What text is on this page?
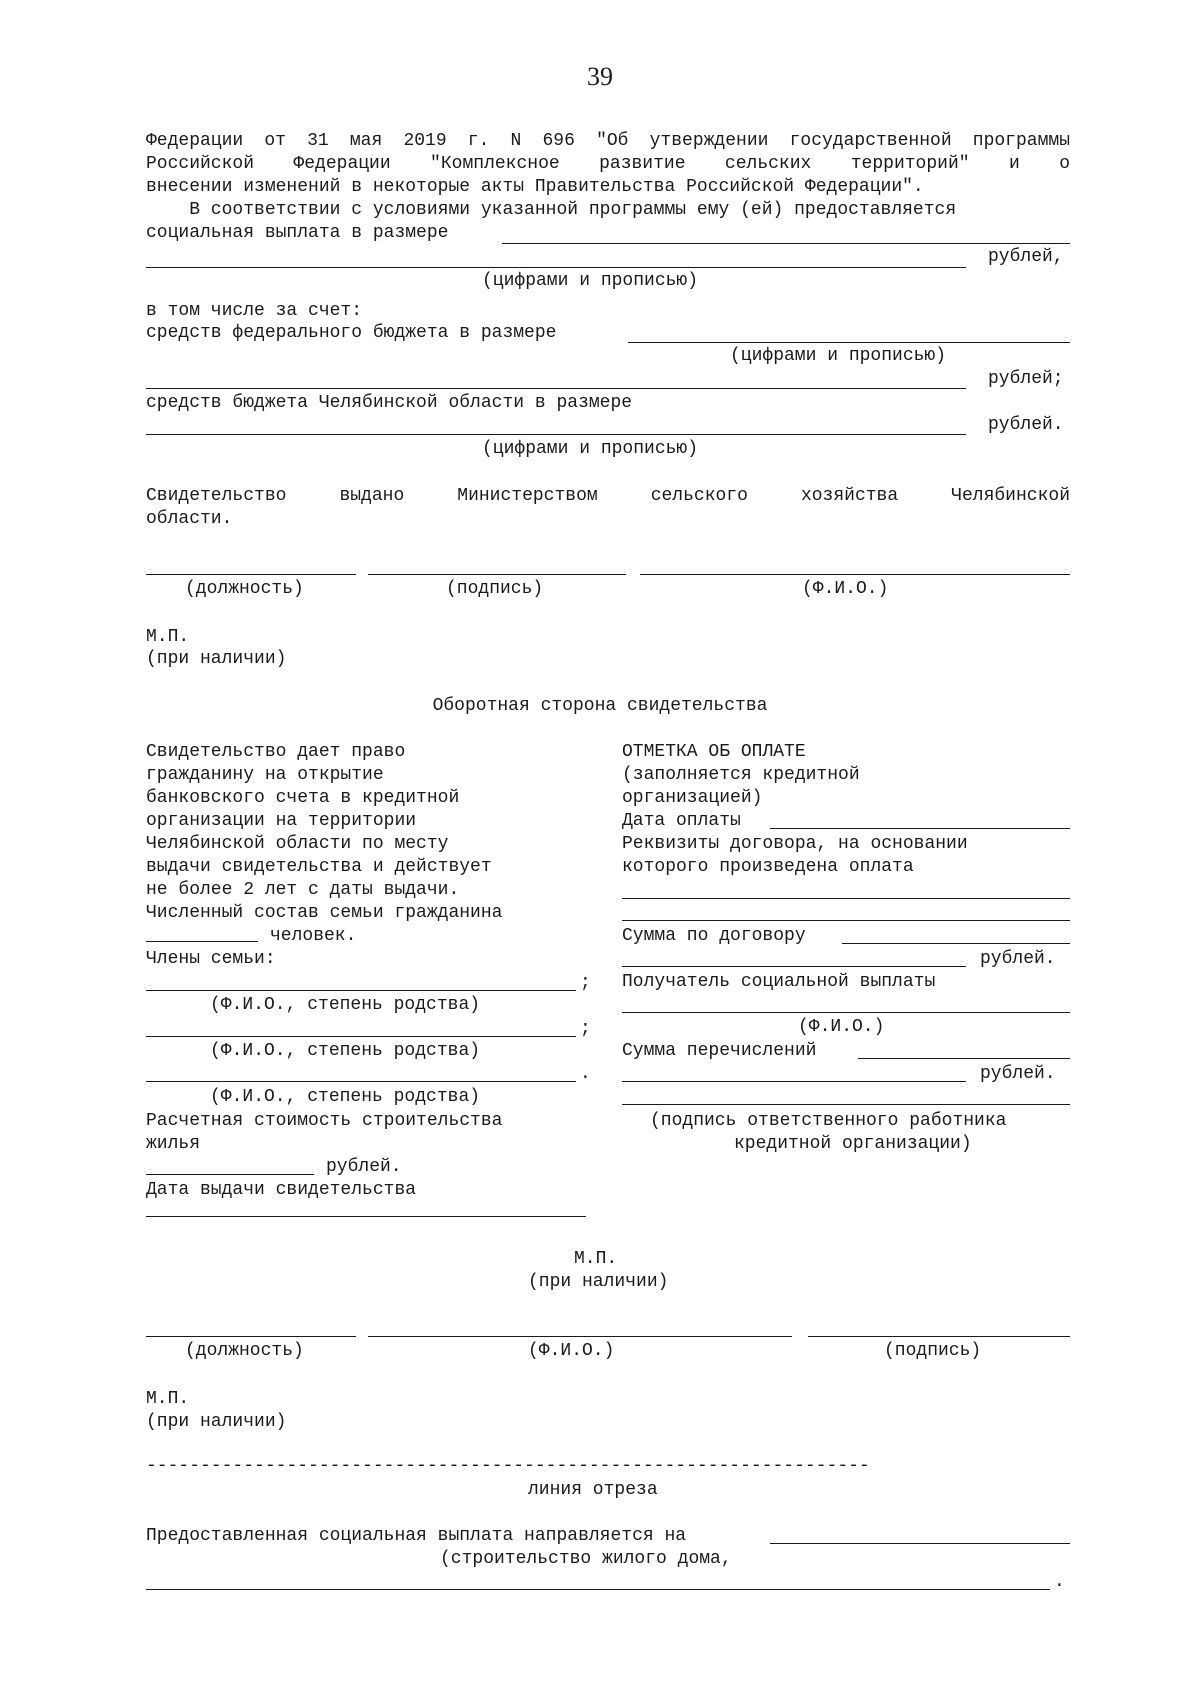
39
Федерации от 31 мая 2019 г. N 696 "Об утверждении государственной программы
Российской Федерации "Комплексное развитие сельских территорий" и о
внесении изменений в некоторые акты Правительства Российской Федерации".
В соответствии с условиями указанной программы ему (ей) предоставляется
социальная выплата в размере
рублей,
(цифрами и прописью)
в том числе за счет:
средств федерального бюджета в размере
(цифрами и прописью)
рублей;
средств бюджета Челябинской области в размере
рублей.
(цифрами и прописью)
Свидетельство выдано Министерством сельского хозяйства Челябинской
области.
(должность)	(подпись)	(Ф.И.О.)
М.П.
(при наличии)
Оборотная сторона свидетельства
Свидетельство дает право
гражданину на открытие
банковского счета в кредитной
организации на территории
Челябинской области по месту
выдачи свидетельства и действует
не более 2 лет с даты выдачи.
Численный состав семьи гражданина
человек.
Члены семьи:
;
(Ф.И.О., степень родства)
;
(Ф.И.О., степень родства)
.
(Ф.И.О., степень родства)
Расчетная стоимость строительства
жилья
рублей.
Дата выдачи свидетельства
ОТМЕТКА ОБ ОПЛАТЕ
(заполняется кредитной
организацией)
Дата оплаты
Реквизиты договора, на основании
которого произведена оплата
Сумма по договору
рублей.
Получатель социальной выплаты
(Ф.И.О.)
Сумма перечислений
рублей.
(подпись ответственного работника
кредитной организации)
М.П.
(при наличии)
(должность)	(Ф.И.О.)	(подпись)
М.П.
(при наличии)
-------------------------------------------------------------------
линия отреза
Предоставленная социальная выплата направляется на
(строительство жилого дома,
.
